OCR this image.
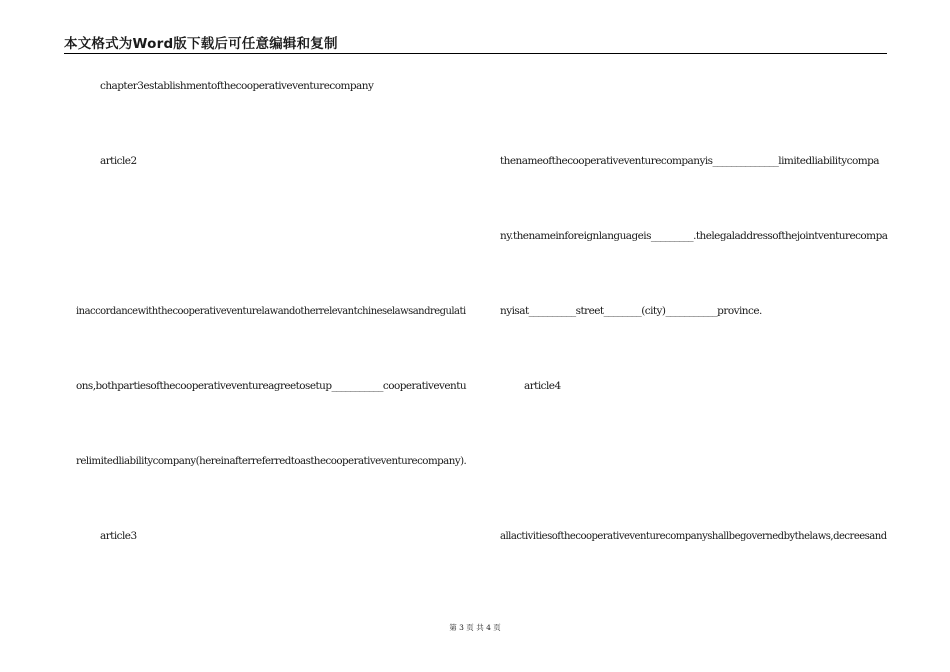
本文格式为Word版下载后可任意编辑和复制
chapter3establishmentofthecooperativeventurecompany
article2
inaccordancewiththecooperativeventurelawandotherrelevantchineselawsandregulati
ons,bothpartiesofthecooperativeventureagreetosetup___________cooperativeventu
relimitedliabilitycompany(hereinafterreferredtoasthecooperativeventurecompany).
article3
thenameofthecooperativeventurecompanyis______________limitedliabilitycompa
ny.thenameinforeignlanguageis_________.thelegaladdressofthejointventurecompa
nyisat__________street________(city)___________province.
article4
allactivitiesofthecooperativeventurecompanyshallbegovernedbythelaws,decreesand
第 3 页 共 4 页
